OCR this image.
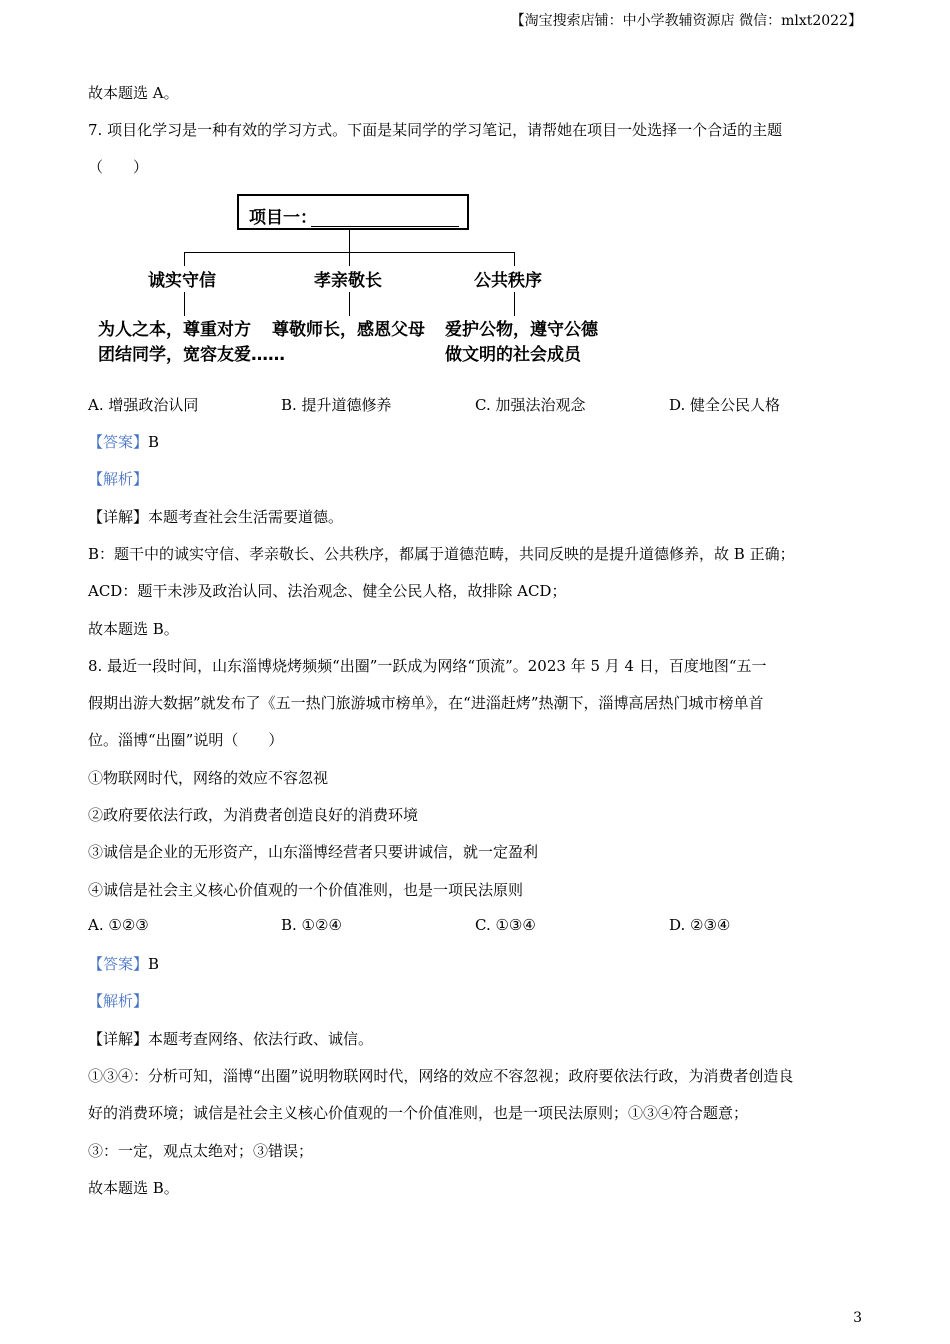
【淘宝搜索店铺：中小学教辅资源店 微信：mlxt2022】
故本题选 A。
7. 项目化学习是一种有效的学习方式。下面是某同学的学习笔记，请帮她在项目一处选择一个合适的主题
（　　）
项目一：
诚实守信	孝亲敬长	公共秩序
为人之本，尊重对方
团结同学，宽容友爱……
尊敬师长，感恩父母 爱护公物，遵守公德
做文明的社会成员
A. 增强政治认同	B. 提升道德修养	C. 加强法治观念	D. 健全公民人格
【答案】B
【解析】
【详解】本题考查社会生活需要道德。
B：题干中的诚实守信、孝亲敬长、公共秩序，都属于道德范畴，共同反映的是提升道德修养，故 B 正确；
ACD：题干未涉及政治认同、法治观念、健全公民人格，故排除 ACD；
故本题选 B。
8. 最近一段时间，山东淄博烧烤频频“出圈”一跃成为网络“顶流”。2023 年 5 月 4 日，百度地图“五一
假期出游大数据”就发布了《五一热门旅游城市榜单》，在“进淄赶烤”热潮下，淄博高居热门城市榜单首
位。淄博“出圈”说明（　　）
①物联网时代，网络的效应不容忽视
②政府要依法行政，为消费者创造良好的消费环境
③诚信是企业的无形资产，山东淄博经营者只要讲诚信，就一定盈利
④诚信是社会主义核心价值观的一个价值准则，也是一项民法原则
A. ①②③	B. ①②④	C. ①③④	D. ②③④
【答案】B
【解析】
【详解】本题考查网络、依法行政、诚信。
①③④：分析可知，淄博“出圈”说明物联网时代，网络的效应不容忽视；政府要依法行政，为消费者创造良
好的消费环境；诚信是社会主义核心价值观的一个价值准则，也是一项民法原则；①③④符合题意；
③：一定，观点太绝对；③错误；
故本题选 B。
3
